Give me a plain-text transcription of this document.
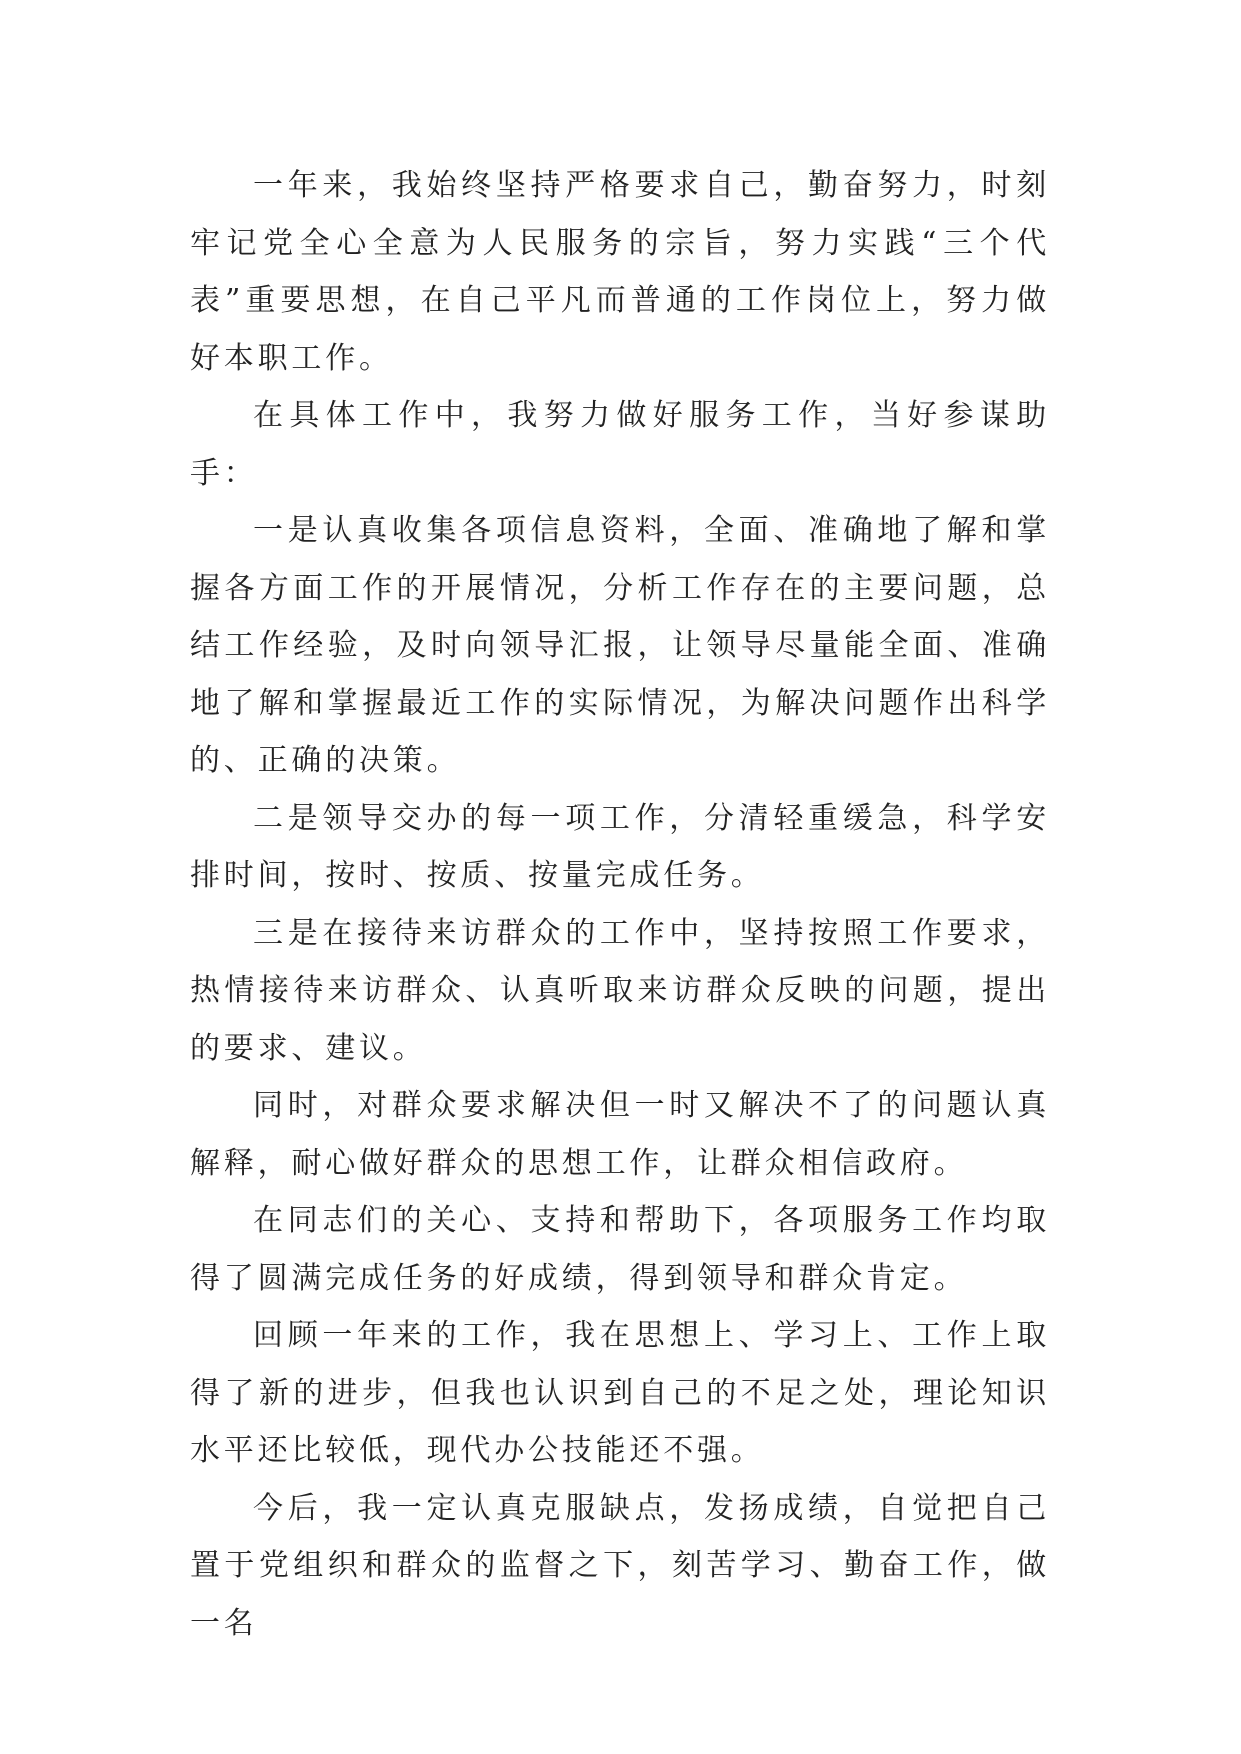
一年来，我始终坚持严格要求自己，勤奋努力，时刻牢记党全心全意为人民服务的宗旨，努力实践“三个代表”重要思想，在自己平凡而普通的工作岗位上，努力做好本职工作。

在具体工作中，我努力做好服务工作，当好参谋助手：

一是认真收集各项信息资料，全面、准确地了解和掌握各方面工作的开展情况，分析工作存在的主要问题，总结工作经验，及时向领导汇报，让领导尽量能全面、准确地了解和掌握最近工作的实际情况，为解决问题作出科学的、正确的决策。

二是领导交办的每一项工作，分清轻重缓急，科学安排时间，按时、按质、按量完成任务。

三是在接待来访群众的工作中，坚持按照工作要求，热情接待来访群众、认真听取来访群众反映的问题，提出的要求、建议。

同时，对群众要求解决但一时又解决不了的问题认真解释，耐心做好群众的思想工作，让群众相信政府。

在同志们的关心、支持和帮助下，各项服务工作均取得了圆满完成任务的好成绩，得到领导和群众肯定。

回顾一年来的工作，我在思想上、学习上、工作上取得了新的进步，但我也认识到自己的不足之处，理论知识水平还比较低，现代办公技能还不强。

今后，我一定认真克服缺点，发扬成绩，自觉把自己置于党组织和群众的监督之下，刻苦学习、勤奋工作，做一名
